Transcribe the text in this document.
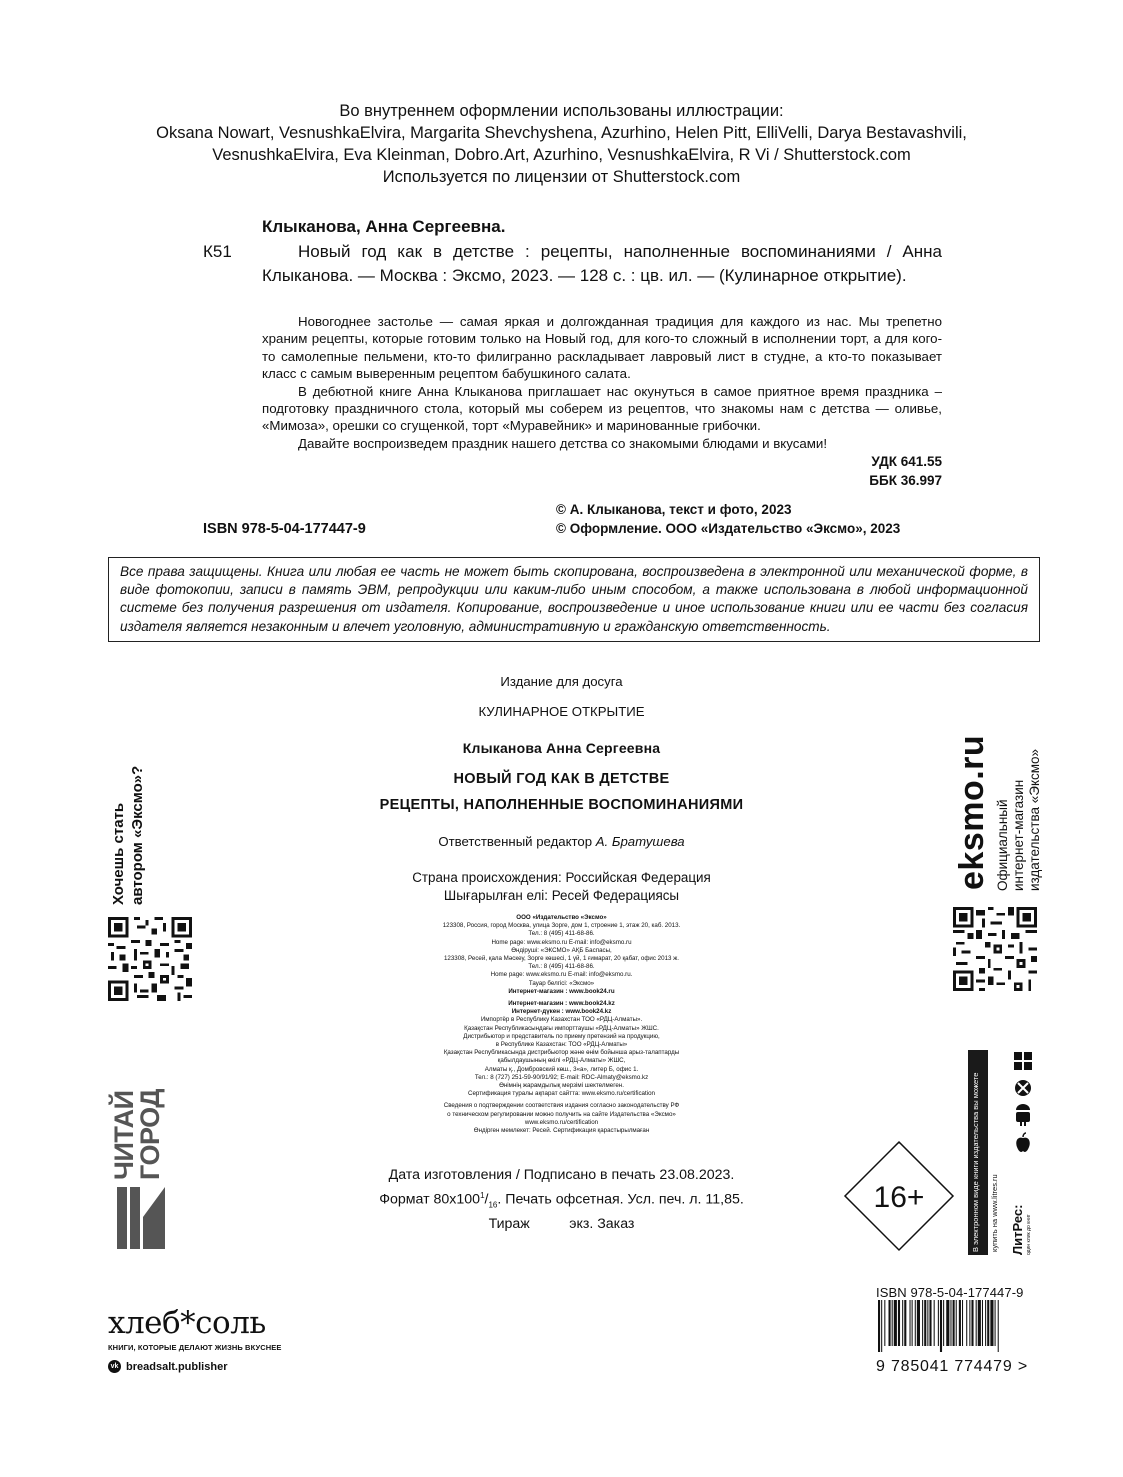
Во внутреннем оформлении использованы иллюстрации:
Oksana Nowart, VesnushkaElvira, Margarita Shevchyshena, Azurhino, Helen Pitt, ElliVelli, Darya Bestavashvili,
VesnushkaElvira, Eva Kleinman, Dobro.Art, Azurhino, VesnushkaElvira, R Vi / Shutterstock.com
Используется по лицензии от Shutterstock.com
Клыканова, Анна Сергеевна.
К51	Новый год как в детстве : рецепты, наполненные воспоминаниями / Анна Клыканова. — Москва : Эксмо, 2023. — 128 с. : цв. ил. — (Кулинарное открытие).

Новогоднее застолье — самая яркая и долгожданная традиция для каждого из нас. Мы трепетно храним рецепты, которые готовим только на Новый год, для кого-то сложный в исполнении торт, а для кого-то самолепные пельмени, кто-то филигранно раскладывает лавровый лист в студне, а кто-то показывает класс с самым выверенным рецептом бабушкиного салата.

В дебютной книге Анна Клыканова приглашает нас окунуться в самое приятное время праздника – подготовку праздничного стола, который мы соберем из рецептов, что знакомы нам с детства — оливье, «Мимоза», орешки со сгущенкой, торт «Муравейник» и маринованные грибочки.

Давайте воспроизведем праздник нашего детства со знакомыми блюдами и вкусами!

УДК 641.55
ББК 36.997
© А. Клыканова, текст и фото, 2023
© Оформление. ООО «Издательство «Эксмо», 2023
ISBN 978-5-04-177447-9
Все права защищены. Книга или любая ее часть не может быть скопирована, воспроизведена в электронной или механической форме, в виде фотокопии, записи в память ЭВМ, репродукции или каким-либо иным способом, а также использована в любой информационной системе без получения разрешения от издателя. Копирование, воспроизведение и иное использование книги или ее части без согласия издателя является незаконным и влечет уголовную, административную и гражданскую ответственность.
Издание для досуга
КУЛИНАРНОЕ ОТКРЫТИЕ
Клыканова Анна Сергеевна
НОВЫЙ ГОД КАК В ДЕТСТВЕ
РЕЦЕПТЫ, НАПОЛНЕННЫЕ ВОСПОМИНАНИЯМИ
Ответственный редактор А. Братушева
Страна происхождения: Российская Федерация
Шығарылған елі: Ресей Федерациясы
ООО «Издательство «Эксмо»
123308, Россия, город Москва, улица Зорге, дом 1, строение 1, этаж 20, каб. 2013.
Тел.: 8 (495) 411-68-86.
Home page: www.eksmo.ru E-mail: info@eksmo.ru
Өндіруші: «ЭКСМО» АҚБ Баспасы,
123308, Ресей, қала Мәскеу, Зорге көшесі, 1 үй, 1 ғимарат, 20 қабат, офис 2013 ж.
Тел.: 8 (495) 411-68-86.
Home page: www.eksmo.ru E-mail: info@eksmo.ru.
Тауар белгісі: «Эксмо»
Интернет-магазин : www.book24.ru
Интернет-магазин : www.book24.kz
Интернет-дүкен : www.book24.kz
Импортёр в Республику Казахстан ТОО «РДЦ-Алматы».
Қазақстан Республикасындағы импорттаушы «РДЦ-Алматы» ЖШС.
Дистрибьютор и представитель по приему претензий на продукцию,
в Республике Казахстан: ТОО «РДЦ-Алматы»
Қазақстан Республикасында дистрибьютор және өнім бойынша арыз-талаптарды
қабылдаушының өкілі «РДЦ-Алматы» ЖШС,
Алматы қ., Домбровский көш., 3«а», литер Б, офис 1.
Тел.: 8 (727) 251-59-90/91/92; E-mail: RDC-Almaty@eksmo.kz
Өнімнің жарамдылық мерзімі шектелмеген.
Сертификация туралы ақпарат сайтта: www.eksmo.ru/certification
Сведения о подтверждении соответствия издания согласно законодательству РФ
о техническом регулировании можно получить на сайте Издательства «Эксмо»
www.eksmo.ru/certification
Өндірген мемлекет: Ресей. Сертификация қарастырылмаған
Дата изготовления / Подписано в печать 23.08.2023.
Формат $80x100^1/_{16}$. Печать офсетная. Усл. печ. л. 11,85.
Тираж          экз. Заказ
16+
Хочешь стать автором «Эксмо»?
ЧИТАЙ
ГОРОД
eksmo.ru Официальный интернет-магазин издательства «Эксмо»
В электронном виде книги издательства вы можете купить на www.litres.ru ЛитРес: один клик до книг
хлеб*соль
КНИГИ, КОТОРЫЕ ДЕЛАЮТ ЖИЗНЬ ВКУСНЕЕ
vk breadsalt.publisher
ISBN 978-5-04-177447-9
9 785041 774479 >
